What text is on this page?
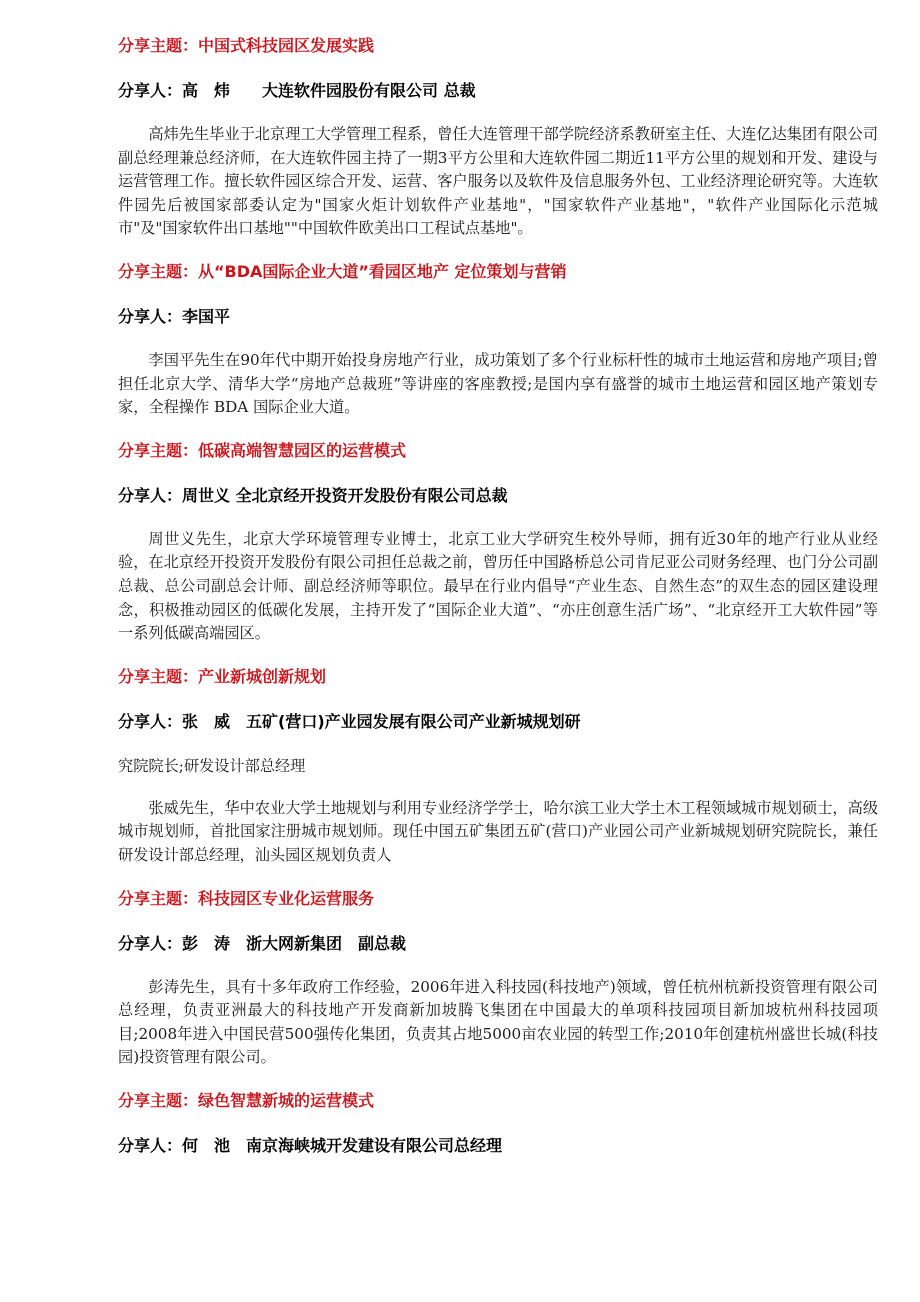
分享主题：中国式科技园区发展实践

分享人：高　炜　　大连软件园股份有限公司 总裁

高炜先生毕业于北京理工大学管理工程系，曾任大连管理干部学院经济系教研室主任、大连亿达集团有限公司副总经理兼总经济师，在大连软件园主持了一期3平方公里和大连软件园二期近11平方公里的规划和开发、建设与运营管理工作。擅长软件园区综合开发、运营、客户服务以及软件及信息服务外包、工业经济理论研究等。大连软件园先后被国家部委认定为"国家火炬计划软件产业基地"，"国家软件产业基地"，"软件产业国际化示范城市"及"国家软件出口基地""中国软件欧美出口工程试点基地"。

分享主题：从“BDA国际企业大道”看园区地产 定位策划与营销

分享人：李国平

李国平先生在90年代中期开始投身房地产行业，成功策划了多个行业标杆性的城市土地运营和房地产项目;曾担任北京大学、清华大学“房地产总裁班”等讲座的客座教授;是国内享有盛誉的城市土地运营和园区地产策划专家，全程操作 BDA 国际企业大道。

分享主题：低碳高端智慧园区的运营模式

分享人：周世义 全北京经开投资开发股份有限公司总裁

周世义先生，北京大学环境管理专业博士，北京工业大学研究生校外导师，拥有近30年的地产行业从业经验，在北京经开投资开发股份有限公司担任总裁之前，曾历任中国路桥总公司肯尼亚公司财务经理、也门分公司副总裁、总公司副总会计师、副总经济师等职位。最早在行业内倡导“产业生态、自然生态”的双生态的园区建设理念，积极推动园区的低碳化发展，主持开发了“国际企业大道”、“亦庄创意生活广场”、“北京经开工大软件园”等一系列低碳高端园区。

分享主题：产业新城创新规划

分享人：张　威　五矿(营口)产业园发展有限公司产业新城规划研

究院院长;研发设计部总经理

张威先生，华中农业大学土地规划与利用专业经济学学士，哈尔滨工业大学土木工程领域城市规划硕士，高级城市规划师，首批国家注册城市规划师。现任中国五矿集团五矿(营口)产业园公司产业新城规划研究院院长，兼任研发设计部总经理，汕头园区规划负责人

分享主题：科技园区专业化运营服务

分享人：彭　涛　浙大网新集团　副总裁

彭涛先生，具有十多年政府工作经验，2006年进入科技园(科技地产)领域，曾任杭州杭新投资管理有限公司总经理，负责亚洲最大的科技地产开发商新加坡腾飞集团在中国最大的单项科技园项目新加坡杭州科技园项目;2008年进入中国民营500强传化集团，负责其占地5000亩农业园的转型工作;2010年创建杭州盛世长城(科技园)投资管理有限公司。

分享主题：绿色智慧新城的运营模式

分享人：何　池　南京海峡城开发建设有限公司总经理
